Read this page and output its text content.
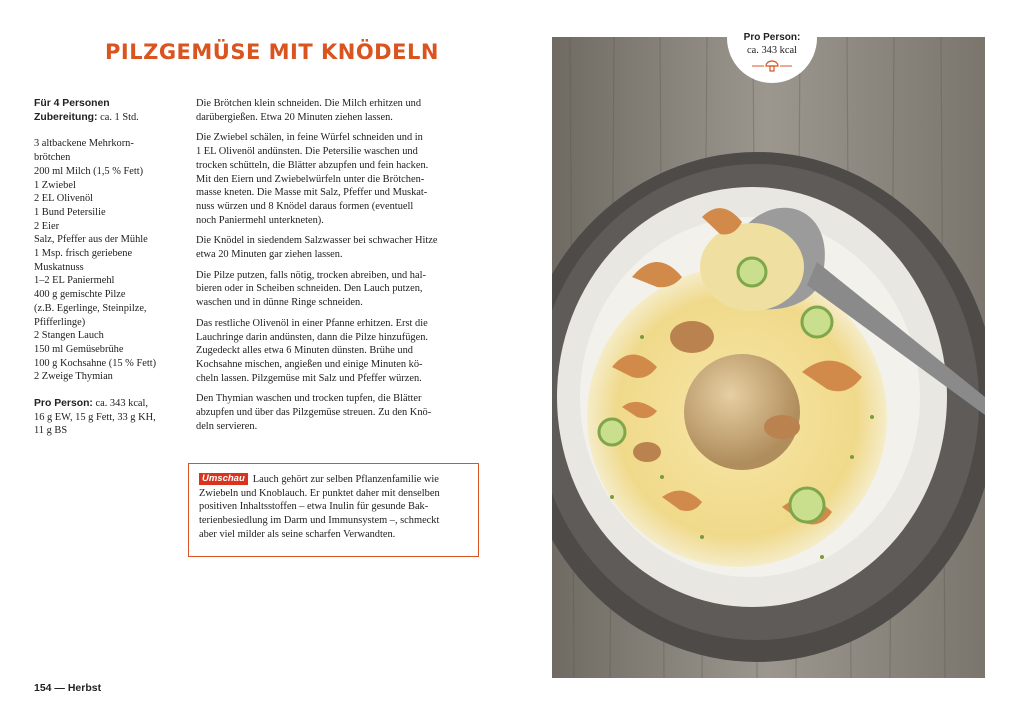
PILZGEMÜSE MIT KNÖDELN
Für 4 Personen
Zubereitung: ca. 1 Std.
3 altbackene Mehrkorn-
brötchen
200 ml Milch (1,5 % Fett)
1 Zwiebel
2 EL Olivenöl
1 Bund Petersilie
2 Eier
Salz, Pfeffer aus der Mühle
1 Msp. frisch geriebene
Muskatnuss
1–2 EL Paniermehl
400 g gemischte Pilze
(z.B. Egerlinge, Steinpilze,
Pfifferlinge)
2 Stangen Lauch
150 ml Gemüsebrühe
100 g Kochsahne (15 % Fett)
2 Zweige Thymian
Pro Person: ca. 343 kcal,
16 g EW, 15 g Fett, 33 g KH,
11 g BS

Die Brötchen klein schneiden. Die Milch erhitzen und
darübergießen. Etwa 20 Minuten ziehen lassen.

Die Zwiebel schälen, in feine Würfel schneiden und in
1 EL Olivenöl andünsten. Die Petersilie waschen und
trocken schütteln, die Blätter abzupfen und fein hacken.
Mit den Eiern und Zwiebelwürfeln unter die Brötchen-
masse kneten. Die Masse mit Salz, Pfeffer und Muskat-
nuss würzen und 8 Knödel daraus formen (eventuell
noch Paniermehl unterkneten).

Die Knödel in siedendem Salzwasser bei schwacher Hitze
etwa 20 Minuten gar ziehen lassen.

Die Pilze putzen, falls nötig, trocken abreiben, und hal-
bieren oder in Scheiben schneiden. Den Lauch putzen,
waschen und in dünne Ringe schneiden.

Das restliche Olivenöl in einer Pfanne erhitzen. Erst die
Lauchringe darin andünsten, dann die Pilze hinzufügen.
Zugedeckt alles etwa 6 Minuten dünsten. Brühe und
Kochsahne mischen, angießen und einige Minuten kö-
cheln lassen. Pilzgemüse mit Salz und Pfeffer würzen.

Den Thymian waschen und trocken tupfen, die Blätter
abzupfen und über das Pilzgemüse streuen. Zu den Knö-
deln servieren.

Umschau Lauch gehört zur selben Pflanzenfamilie wie
Zwiebeln und Knoblauch. Er punktet daher mit denselben
positiven Inhaltsstoffen – etwa Inulin für gesunde Bak-
terienbesiedlung im Darm und Immunsystem –, schmeckt
aber viel milder als seine scharfen Verwandten.
154 — Herbst
Pro Person:
ca. 343 kcal
